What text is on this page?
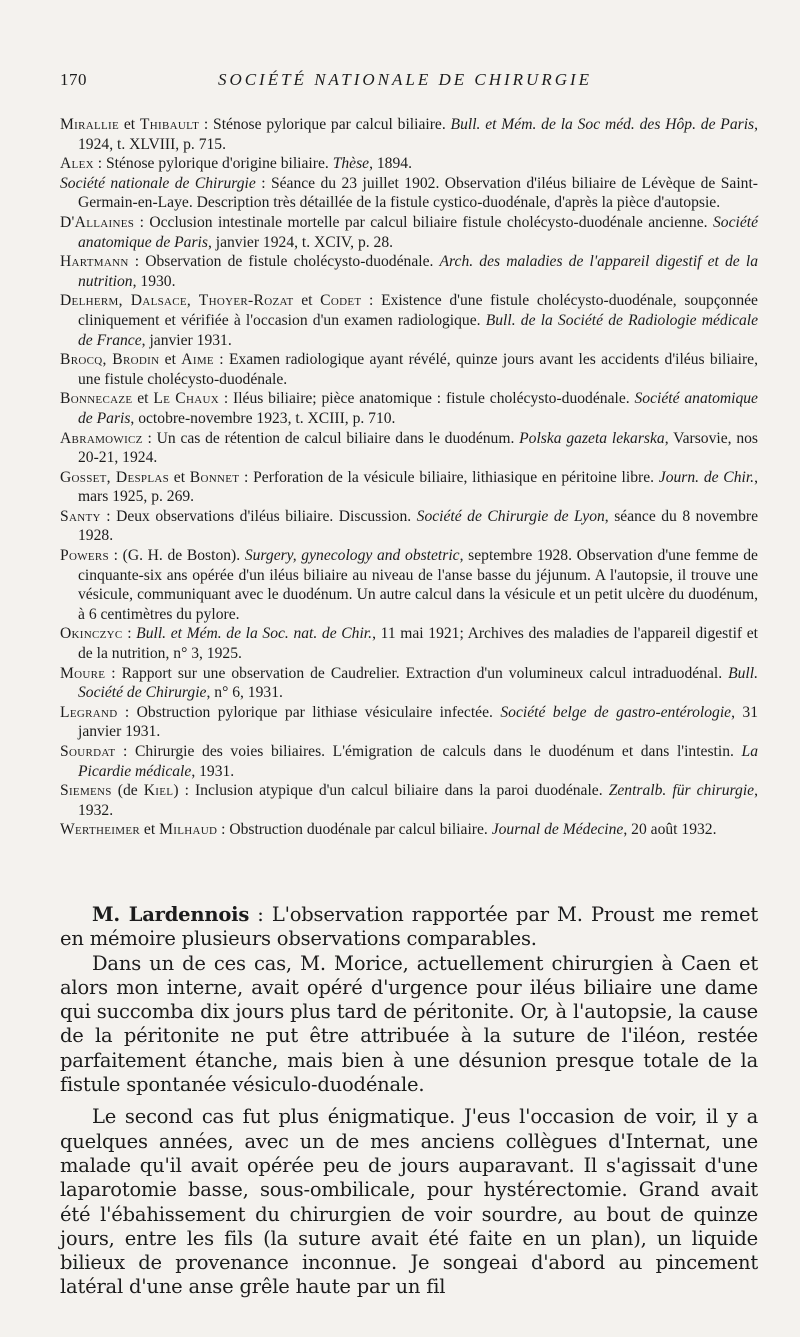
170	SOCIÉTÉ NATIONALE DE CHIRURGIE

Mirallie et Thibault : Sténose pylorique par calcul biliaire. Bull. et Mém. de la Soc méd. des Hôp. de Paris, 1924, t. XLVIII, p. 715.

Alex : Sténose pylorique d'origine biliaire. Thèse, 1894.

Société nationale de Chirurgie : Séance du 23 juillet 1902. Observation d'iléus biliaire de Lévèque de Saint-Germain-en-Laye. Description très détaillée de la fistule cystico-duodénale, d'après la pièce d'autopsie.

D'Allaines : Occlusion intestinale mortelle par calcul biliaire fistule cholécysto-duodénale ancienne. Société anatomique de Paris, janvier 1924, t. XCIV, p. 28.

Hartmann : Observation de fistule cholécysto-duodénale. Arch. des maladies de l'appareil digestif et de la nutrition, 1930.

Delherm, Dalsace, Thoyer-Rozat et Codet : Existence d'une fistule cholécysto-duodénale, soupçonnée cliniquement et vérifiée à l'occasion d'un examen radiologique. Bull. de la Société de Radiologie médicale de France, janvier 1931.

Brocq, Brodin et Aime : Examen radiologique ayant révélé, quinze jours avant les accidents d'iléus biliaire, une fistule cholécysto-duodénale.

Bonnecaze et Le Chaux : Iléus biliaire; pièce anatomique : fistule cholécysto-duodénale. Société anatomique de Paris, octobre-novembre 1923, t. XCIII, p. 710.

Abramowicz : Un cas de rétention de calcul biliaire dans le duodénum. Polska gazeta lekarska, Varsovie, nos 20-21, 1924.

Gosset, Desplas et Bonnet : Perforation de la vésicule biliaire, lithiasique en péritoine libre. Journ. de Chir., mars 1925, p. 269.

Santy : Deux observations d'iléus biliaire. Discussion. Société de Chirurgie de Lyon, séance du 8 novembre 1928.

Powers : (G. H. de Boston). Surgery, gynecology and obstetric, septembre 1928. Observation d'une femme de cinquante-six ans opérée d'un iléus biliaire au niveau de l'anse basse du jéjunum. A l'autopsie, il trouve une vésicule, communiquant avec le duodénum. Un autre calcul dans la vésicule et un petit ulcère du duodénum, à 6 centimètres du pylore.

Okinczyc : Bull. et Mém. de la Soc. nat. de Chir., 11 mai 1921; Archives des maladies de l'appareil digestif et de la nutrition, n° 3, 1925.

Moure : Rapport sur une observation de Caudrelier. Extraction d'un volumineux calcul intraduodénal. Bull. Société de Chirurgie, n° 6, 1931.

Legrand : Obstruction pylorique par lithiase vésiculaire infectée. Société belge de gastro-entérologie, 31 janvier 1931.

Sourdat : Chirurgie des voies biliaires. L'émigration de calculs dans le duodénum et dans l'intestin. La Picardie médicale, 1931.

Siemens (de Kiel) : Inclusion atypique d'un calcul biliaire dans la paroi duodénale. Zentralb. für chirurgie, 1932.

Wertheimer et Milhaud : Obstruction duodénale par calcul biliaire. Journal de Médecine, 20 août 1932.

M. Lardennois : L'observation rapportée par M. Proust me remet en mémoire plusieurs observations comparables.

Dans un de ces cas, M. Morice, actuellement chirurgien à Caen et alors mon interne, avait opéré d'urgence pour iléus biliaire une dame qui succomba dix jours plus tard de péritonite. Or, à l'autopsie, la cause de la péritonite ne put être attribuée à la suture de l'iléon, restée parfaitement étanche, mais bien à une désunion presque totale de la fistule spontanée vésiculo-duodénale.

Le second cas fut plus énigmatique. J'eus l'occasion de voir, il y a quelques années, avec un de mes anciens collègues d'Internat, une malade qu'il avait opérée peu de jours auparavant. Il s'agissait d'une laparotomie basse, sous-ombilicale, pour hystérectomie. Grand avait été l'ébahissement du chirurgien de voir sourdre, au bout de quinze jours, entre les fils (la suture avait été faite en un plan), un liquide bilieux de provenance inconnue. Je songeai d'abord au pincement latéral d'une anse grêle haute par un fil
